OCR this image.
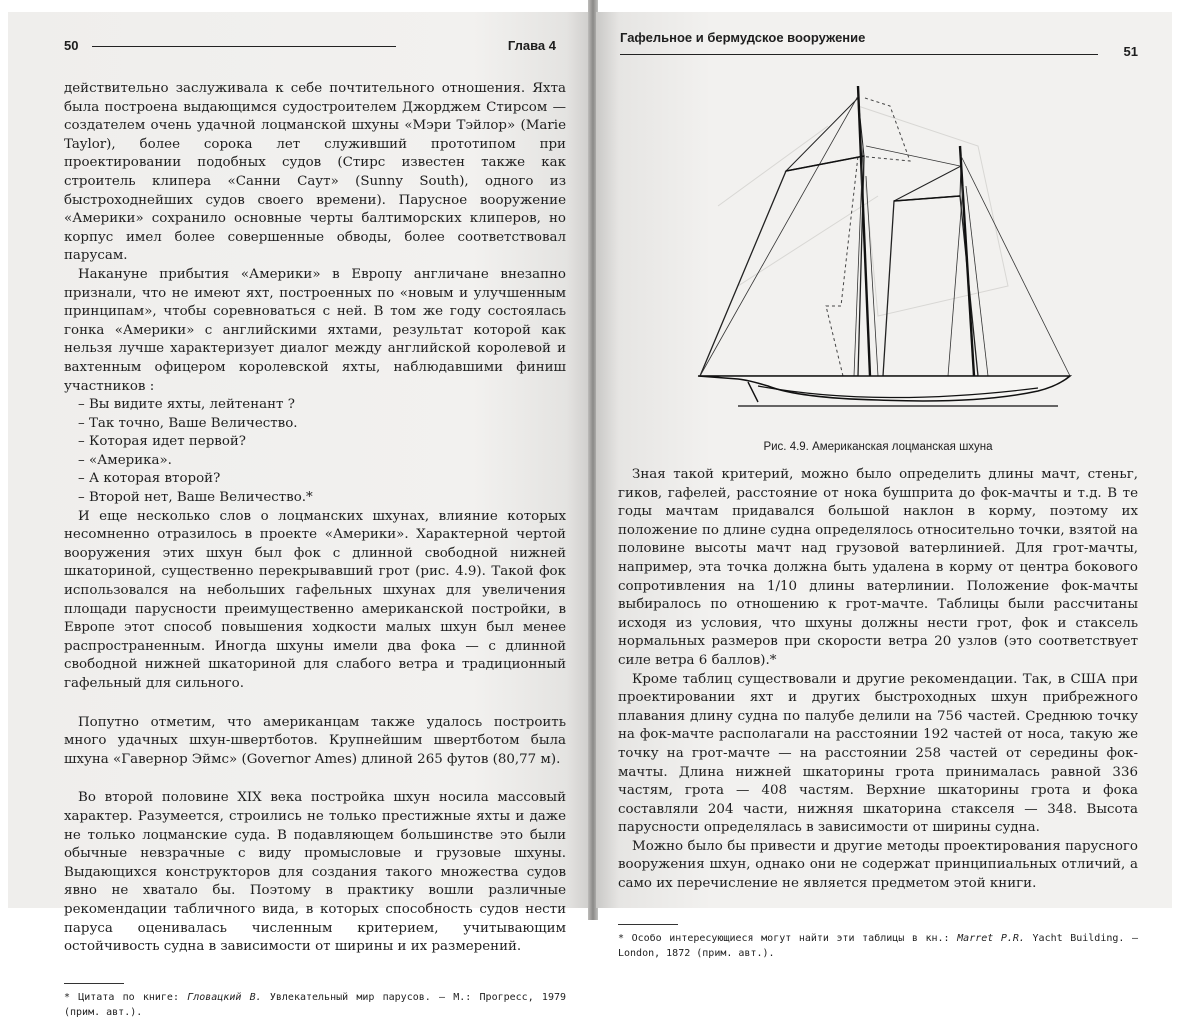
50	Глава 4

действительно заслуживала к себе почтительного отношения. Яхта была построена выдающимся судостроителем Джорджем Стирсом — создателем очень удачной лоцманской шхуны «Мэри Тэйлор» (Marie Taylor), более сорока лет служивший прототипом при проектировании подобных судов (Стирс известен также как строитель клипера «Санни Саут» (Sunny South), одного из быстроходнейших судов своего времени). Парусное вооружение «Америки» сохранило основные черты балтиморских клиперов, но корпус имел более совершенные обводы, более соответствовал парусам.

Накануне прибытия «Америки» в Европу англичане внезапно признали, что не имеют яхт, построенных по «новым и улучшенным принципам», чтобы соревноваться с ней. В том же году состоялась гонка «Америки» с английскими яхтами, результат которой как нельзя лучше характеризует диалог между английской королевой и вахтенным офицером королевской яхты, наблюдавшими финиш участников :

– Вы видите яхты, лейтенант ?

– Так точно, Ваше Величество.

– Которая идет первой?

– «Америка».

– А которая второй?

– Второй нет, Ваше Величество.*

И еще несколько слов о лоцманских шхунах, влияние которых несомненно отразилось в проекте «Америки». Характерной чертой вооружения этих шхун был фок с длинной свободной нижней шкаториной, существенно перекрывавший грот (рис. 4.9). Такой фок использовался на небольших гафельных шхунах для увеличения площади парусности преимущественно американской постройки, в Европе этот способ повышения ходкости малых шхун был менее распространенным. Иногда шхуны имели два фока — с длинной свободной нижней шкаториной для слабого ветра и традиционный гафельный для сильного.

Попутно отметим, что американцам также удалось построить много удачных шхун-швертботов. Крупнейшим швертботом была шхуна «Гавернор Эймс» (Governor Ames) длиной 265 футов (80,77 м).

Во второй половине XIX века постройка шхун носила массовый характер. Разумеется, строились не только престижные яхты и даже не только лоцманские суда. В подавляющем большинстве это были обычные невзрачные с виду промысловые и грузовые шхуны. Выдающихся конструкторов для создания такого множества судов явно не хватало бы. Поэтому в практику вошли различные рекомендации табличного вида, в которых способность судов нести паруса оценивалась численным критерием, учитывающим остойчивость судна в зависимости от ширины и их размерений.

* Цитата по книге: Гловацкий В. Увлекательный мир парусов. — М.: Прогресс, 1979 (прим. авт.).
Гафельное и бермудское вооружение
51
Рис. 4.9. Американская лоцманская шхуна

Зная такой критерий, можно было определить длины мачт, стеньг, гиков, гафелей, расстояние от нока бушприта до фок-мачты и т.д. В те годы мачтам придавался большой наклон в корму, поэтому их положение по длине судна определялось относительно точки, взятой на половине высоты мачт над грузовой ватерлинией. Для грот-мачты, например, эта точка должна быть удалена в корму от центра бокового сопротивления на 1/10 длины ватерлинии. Положение фок-мачты выбиралось по отношению к грот-мачте. Таблицы были рассчитаны исходя из условия, что шхуны должны нести грот, фок и стаксель нормальных размеров при скорости ветра 20 узлов (это соответствует силе ветра 6 баллов).*

Кроме таблиц существовали и другие рекомендации. Так, в США при проектировании яхт и других быстроходных шхун прибрежного плавания длину судна по палубе делили на 756 частей. Среднюю точку на фок-мачте располагали на расстоянии 192 частей от носа, такую же точку на грот-мачте — на расстоянии 258 частей от середины фок-мачты. Длина нижней шкаторины грота принималась равной 336 частям, грота — 408 частям. Верхние шкаторины грота и фока составляли 204 части, нижняя шкаторина стакселя — 348. Высота парусности определялась в зависимости от ширины судна.

Можно было бы привести и другие методы проектирования парусного вооружения шхун, однако они не содержат принципиальных отличий, а само их перечисление не является предметом этой книги.

* Особо интересующиеся могут найти эти таблицы в кн.: Marret P.R. Yacht Building. — London, 1872 (прим. авт.).
